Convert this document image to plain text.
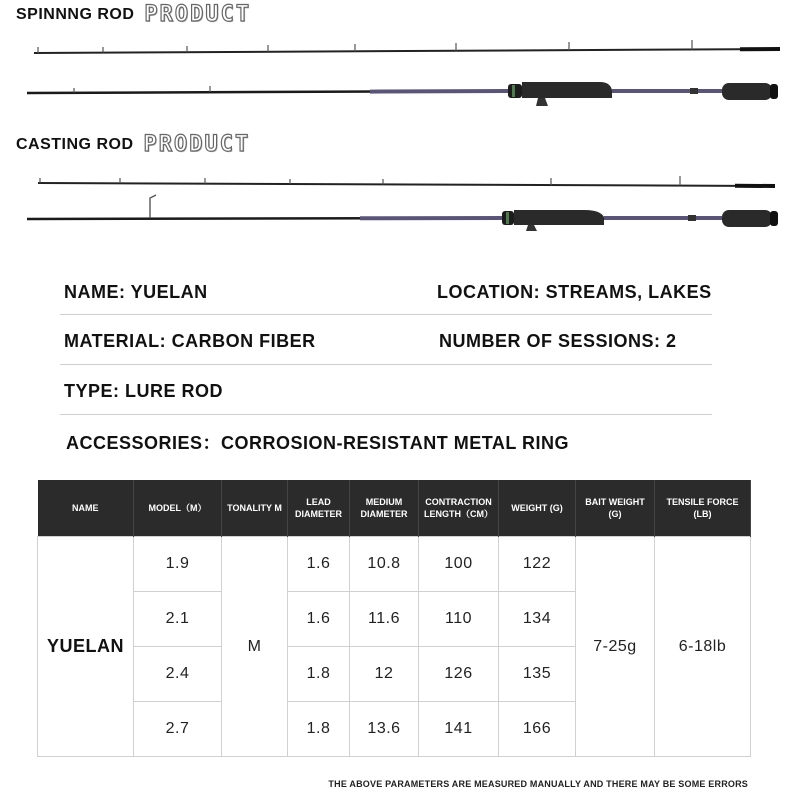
SPINNNG ROD PRODUCT
CASTING ROD PRODUCT
NAME: YUELAN	LOCATION: STREAMS, LAKES
MATERIAL: CARBON FIBER	NUMBER OF SESSIONS: 2
TYPE: LURE ROD
ACCESSORIES：CORROSION-RESISTANT METAL RING
NAME	MODEL（M）	TONALITY M	LEAD DIAMETER	MEDIUM DIAMETER	CONTRACTION LENGTH（CM）	WEIGHT (G)	BAIT WEIGHT (G)	TENSILE FORCE (LB)
YUELAN	1.9	M	1.6	10.8	100	122	7-25g	6-18lb
	2.1		1.6	11.6	110	134		
	2.4		1.8	12	126	135		
	2.7		1.8	13.6	141	166		
THE ABOVE PARAMETERS ARE MEASURED MANUALLY AND THERE MAY BE SOME ERRORS
